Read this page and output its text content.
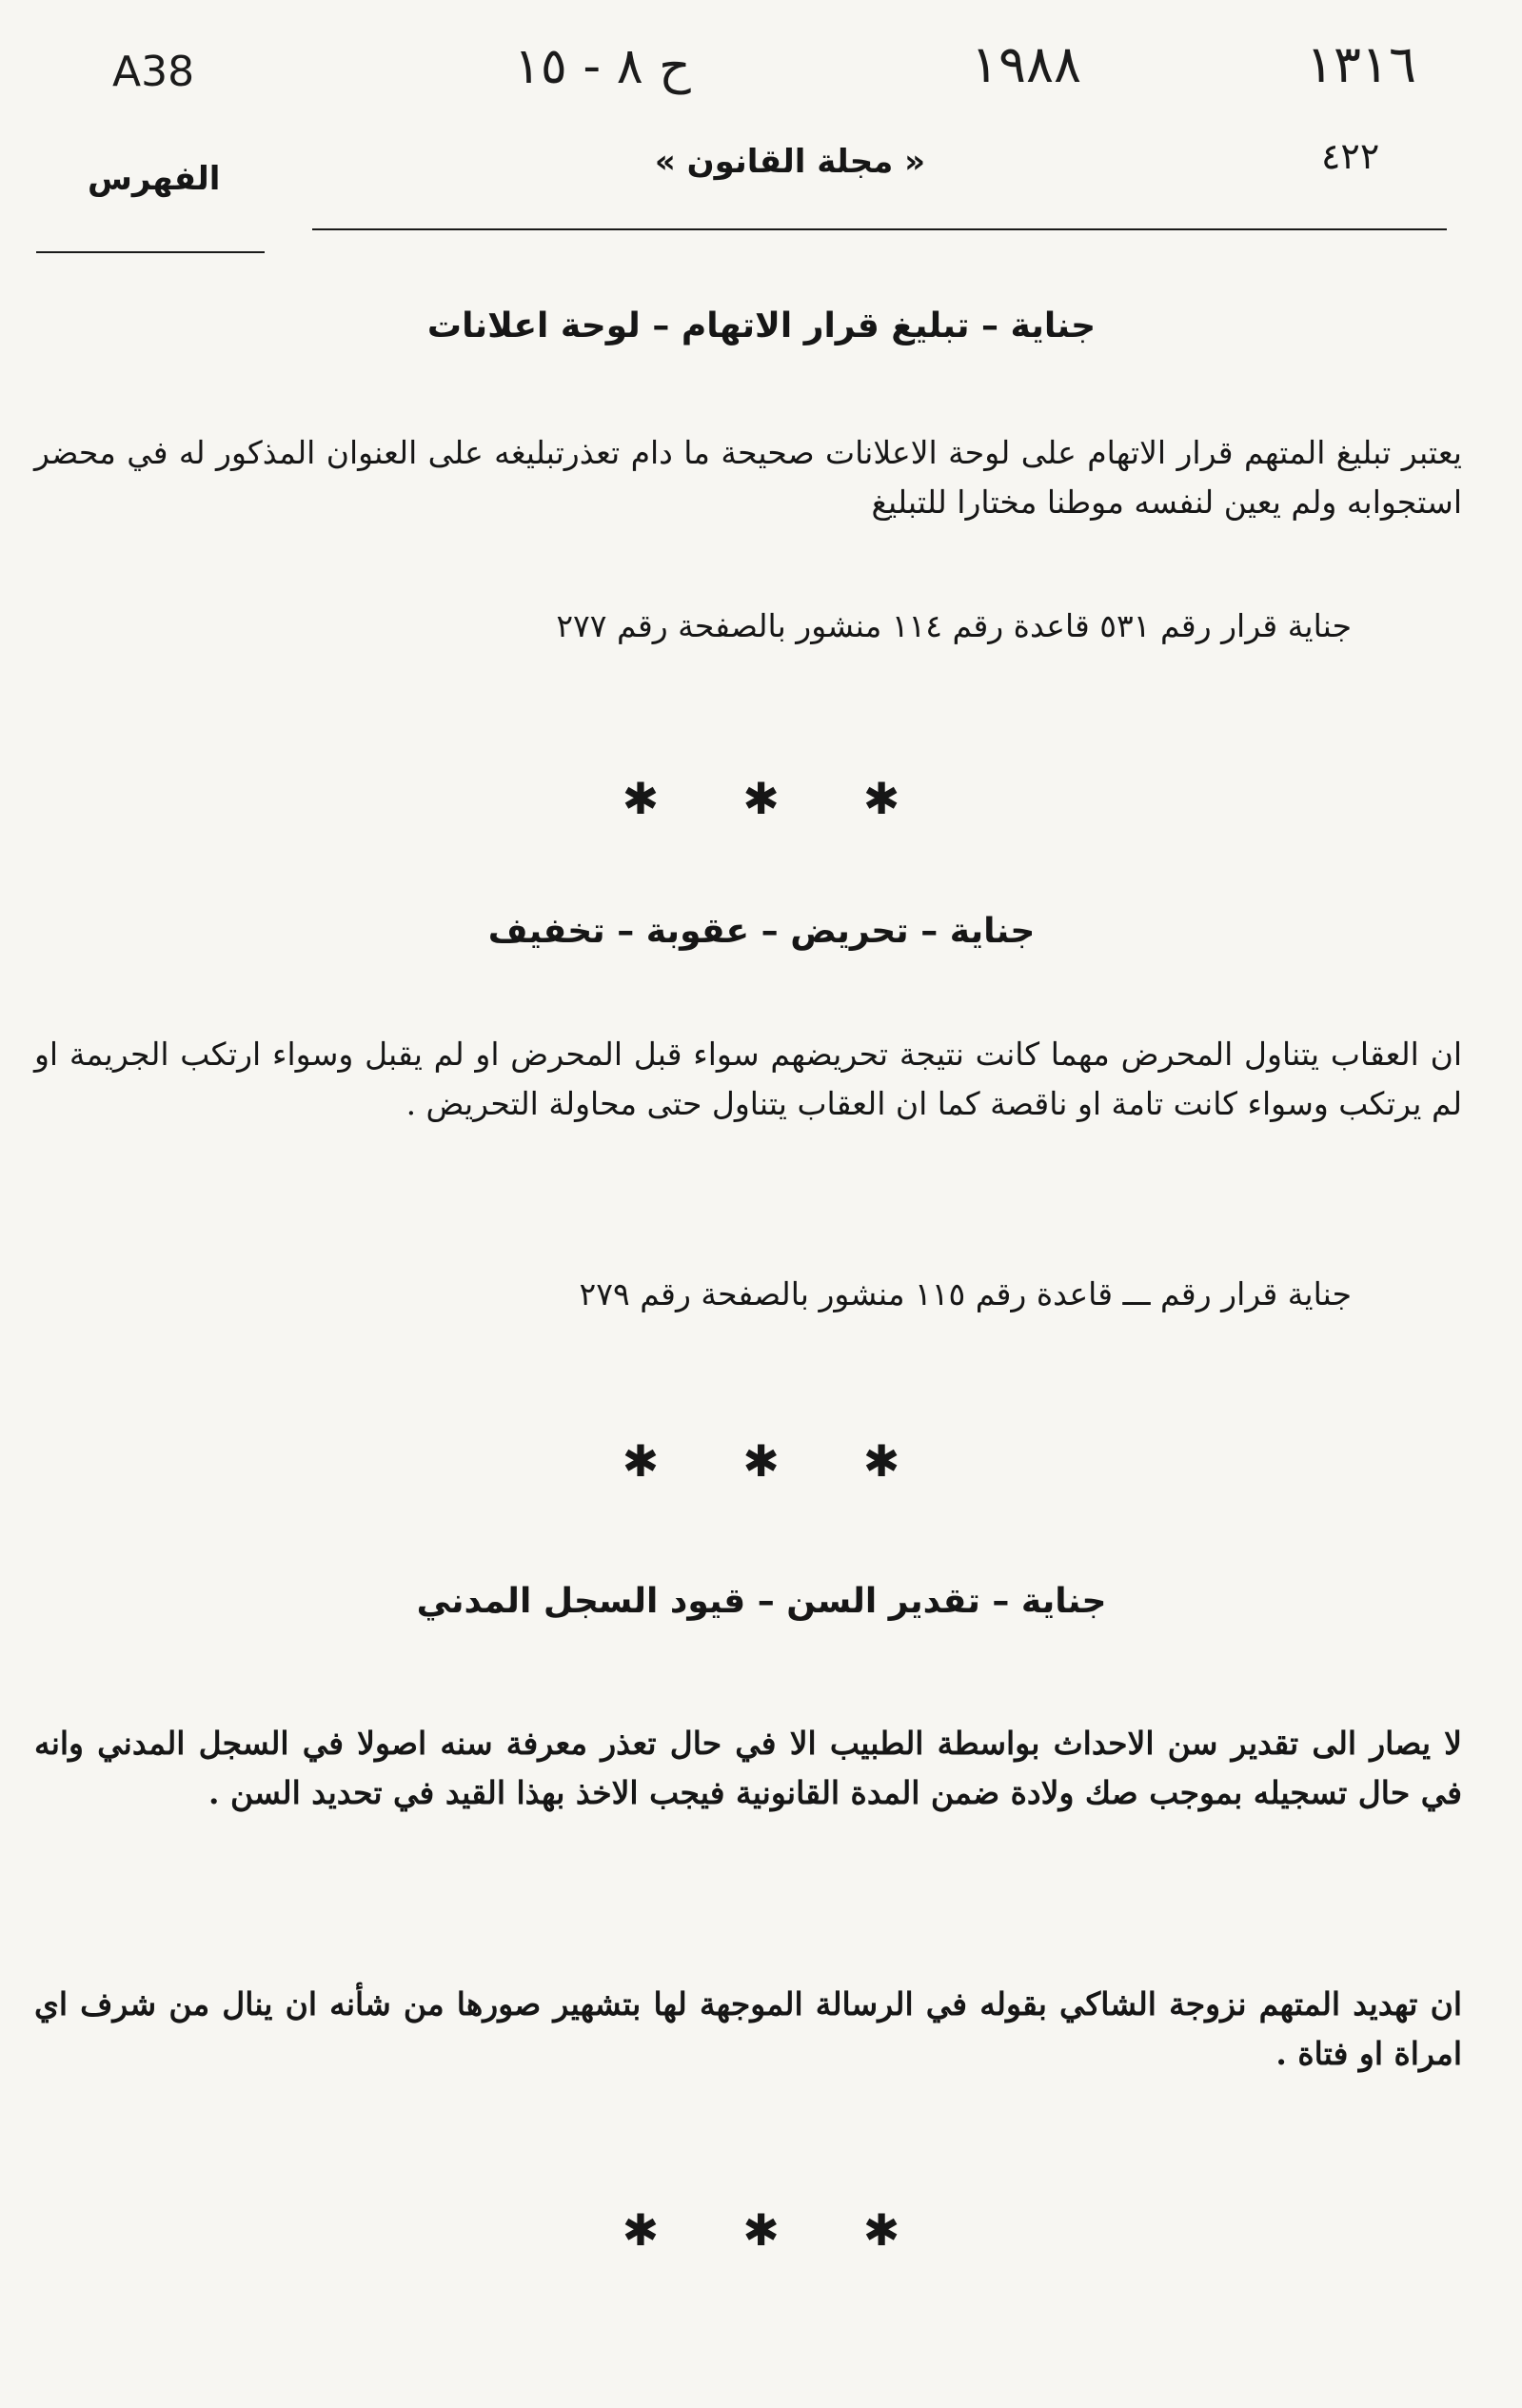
A38	ح ٨ - ١٥	١٩٨٨	١٣١٦
٤٢٢
« مجلة القانون »
الفهرس
جناية – تبليغ قرار الاتهام – لوحة اعلانات
يعتبر تبليغ المتهم قرار الاتهام على لوحة الاعلانات صحيحة ما دام تعذرتبليغه على العنوان المذكور له في محضر استجوابه ولم يعين لنفسه موطنا مختارا للتبليغ
جناية قرار رقم ٥٣١ قاعدة رقم ١١٤ منشور بالصفحة رقم ٢٧٧
✱ ✱ ✱
جناية – تحريض – عقوبة – تخفيف
ان العقاب يتناول المحرض مهما كانت نتيجة تحريضهم سواء قبل المحرض او لم يقبل وسواء ارتكب الجريمة او لم يرتكب وسواء كانت تامة او ناقصة كما ان العقاب يتناول حتى محاولة التحريض .
جناية قرار رقم ـــ قاعدة رقم ١١٥ منشور بالصفحة رقم ٢٧٩
✱ ✱ ✱
جناية – تقدير السن – قيود السجل المدني
لا يصار الى تقدير سن الاحداث بواسطة الطبيب الا في حال تعذر معرفة سنه اصولا في السجل المدني وانه في حال تسجيله بموجب صك ولادة ضمن المدة القانونية فيجب الاخذ بهذا القيد في تحديد السن .
ان تهديد المتهم نزوجة الشاكي بقوله في الرسالة الموجهة لها بتشهير صورها من شأنه ان ينال من شرف اي امراة او فتاة .
✱ ✱ ✱
